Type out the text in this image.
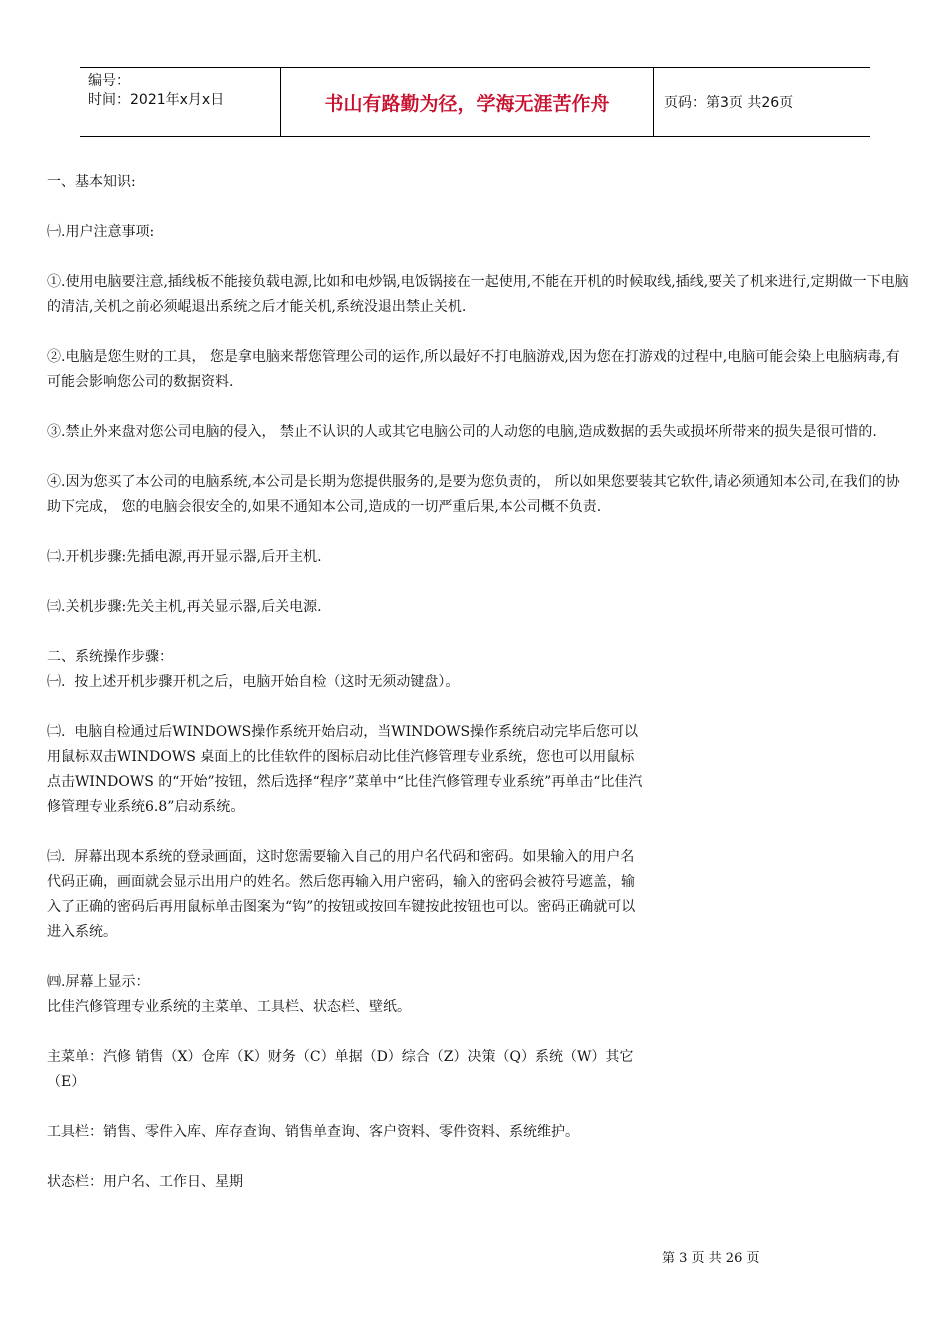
编号：
时间：2021年x月x日	书山有路勤为径，学海无涯苦作舟	页码：第3页 共26页

一、基本知识:

㈠.用户注意事项:

①.使用电脑要注意,插线板不能接负载电源,比如和电炒锅,电饭锅接在一起使用,不能在开机的时候取线,插线,要关了机来进行,定期做一下电脑的清洁,关机之前必须崐退出系统之后才能关机,系统没退出禁止关机.

②.电脑是您生财的工具， 您是拿电脑来帮您管理公司的运作,所以最好不打电脑游戏,因为您在打游戏的过程中,电脑可能会染上电脑病毒,有可能会影响您公司的数据资料.

③.禁止外来盘对您公司电脑的侵入， 禁止不认识的人或其它电脑公司的人动您的电脑,造成数据的丢失或损坏所带来的损失是很可惜的.

④.因为您买了本公司的电脑系统,本公司是长期为您提供服务的,是要为您负责的， 所以如果您要装其它软件,请必须通知本公司,在我们的协助下完成， 您的电脑会很安全的,如果不通知本公司,造成的一切严重后果,本公司概不负责.

㈡.开机步骤:先插电源,再开显示器,后开主机.

㈢.关机步骤:先关主机,再关显示器,后关电源.

二、系统操作步骤：

㈠.  按上述开机步骤开机之后，电脑开始自检（这时无须动键盘）。

㈡.  电脑自检通过后WINDOWS操作系统开始启动，当WINDOWS操作系统启动完毕后您可以用鼠标双击WINDOWS 桌面上的比佳软件的图标启动比佳汽修管理专业系统，您也可以用鼠标点击WINDOWS 的“开始”按钮，然后选择“程序”菜单中“比佳汽修管理专业系统”再单击“比佳汽修管理专业系统6.8”启动系统。

㈢.  屏幕出现本系统的登录画面，这时您需要输入自己的用户名代码和密码。如果输入的用户名代码正确，画面就会显示出用户的姓名。然后您再输入用户密码，输入的密码会被符号遮盖，输入了正确的密码后再用鼠标单击图案为“钩”的按钮或按回车键按此按钮也可以。密码正确就可以进入系统。

㈣.屏幕上显示：

比佳汽修管理专业系统的主菜单、工具栏、状态栏、壁纸。

主菜单：汽修 销售（X）仓库（K）财务（C）单据（D）综合（Z）决策（Q）系统（W）其它（E）

工具栏：销售、零件入库、库存查询、销售单查询、客户资料、零件资料、系统维护。

状态栏：用户名、工作日、星期

第 3 页 共 26 页
